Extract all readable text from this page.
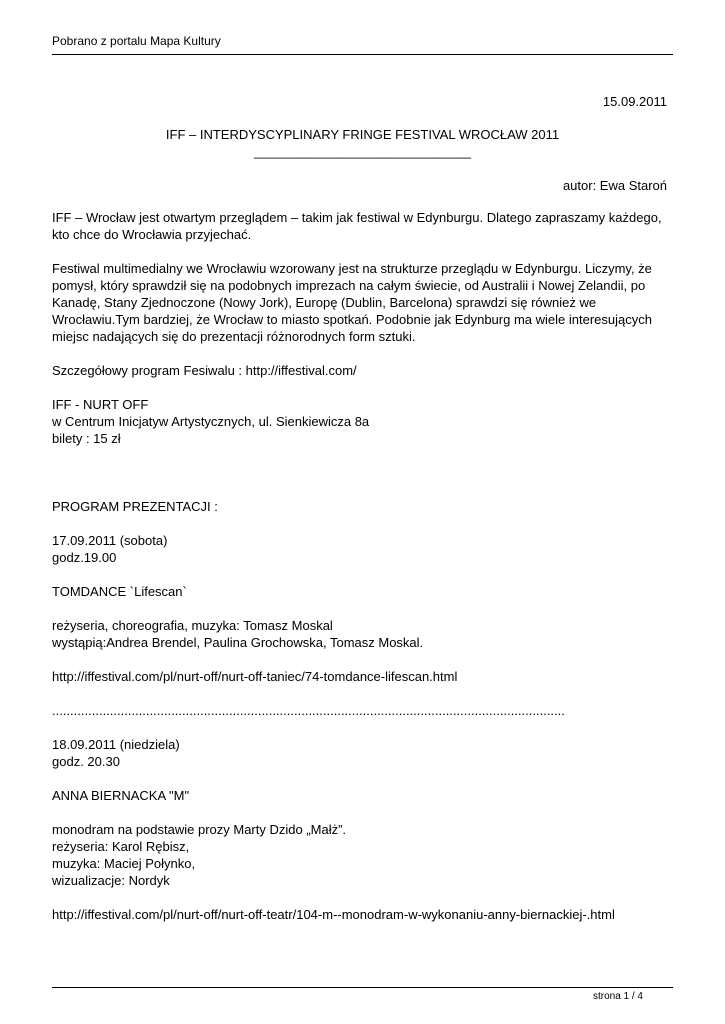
Pobrano z portalu Mapa Kultury
15.09.2011
IFF – INTERDYSCYPLINARY FRINGE FESTIVAL WROCŁAW 2011
______________________________
autor: Ewa Staroń

IFF – Wrocław jest otwartym przeglądem – takim jak festiwal w Edynburgu. Dlatego zapraszamy każdego, kto chce do Wrocławia przyjechać.

Festiwal multimedialny we Wrocławiu wzorowany jest na strukturze przeglądu w Edynburgu. Liczymy, że pomysł, który sprawdził się na podobnych imprezach na całym świecie, od Australii i Nowej Zelandii, po Kanadę, Stany Zjednoczone (Nowy Jork), Europę (Dublin, Barcelona) sprawdzi się również we Wrocławiu.Tym bardziej, że Wrocław to miasto spotkań. Podobnie jak Edynburg ma wiele interesujących miejsc nadających się do prezentacji różnorodnych form sztuki.

Szczegółowy program Fesiwalu : http://iffestival.com/

IFF - NURT OFF
w Centrum Inicjatyw Artystycznych, ul. Sienkiewicza 8a
bilety : 15 zł

PROGRAM PREZENTACJI :

17.09.2011 (sobota)
godz.19.00

TOMDANCE `Lifescan`

reżyseria, choreografia, muzyka: Tomasz Moskal
wystąpią:Andrea Brendel, Paulina Grochowska, Tomasz Moskal.

http://iffestival.com/pl/nurt-off/nurt-off-taniec/74-tomdance-lifescan.html

..............................................................................................................................................

18.09.2011 (niedziela)
godz. 20.30

ANNA BIERNACKA "M"

monodram na podstawie prozy Marty Dzido „Małż”.
reżyseria: Karol Rębisz,
muzyka: Maciej Połynko,
wizualizacje: Nordyk

http://iffestival.com/pl/nurt-off/nurt-off-teatr/104-m--monodram-w-wykonaniu-anny-biernackiej-.html

strona 1 / 4
